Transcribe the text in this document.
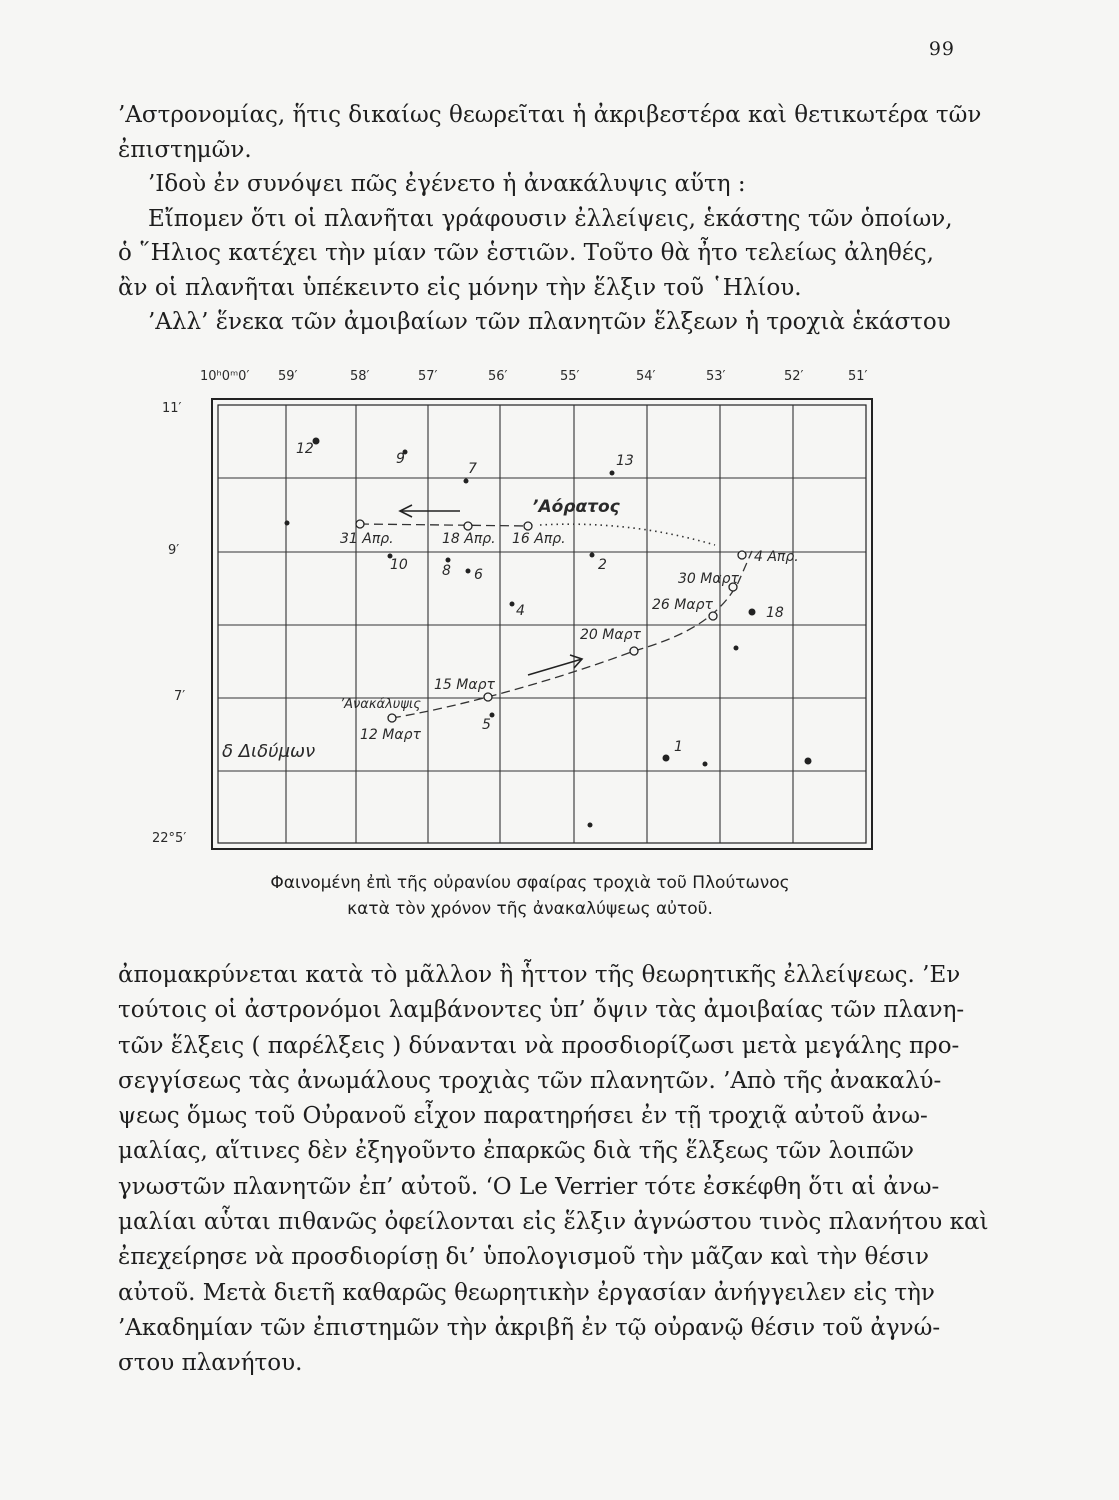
99
’Αστρονομίας, ἥτις δικαίως θεωρεῖται ἡ ἀκριβεστέρα καὶ θετικωτέρα τῶν
ἐπιστημῶν.
’Ιδοὺ ἐν συνόψει πῶς ἐγένετο ἡ ἀνακάλυψις αὕτη :
Εἴπομεν ὅτι οἱ πλανῆται γράφουσιν ἐλλείψεις, ἑκάστης τῶν ὁποίων,
ὁ ῞Ηλιος κατέχει τὴν μίαν τῶν ἑστιῶν. Τοῦτο θὰ ἦτο τελείως ἀληθές,
ἂν οἱ πλανῆται ὑπέκειντο εἰς μόνην τὴν ἕλξιν τοῦ ῾Ηλίου.
’Αλλ’ ἕνεκα τῶν ἀμοιβαίων τῶν πλανητῶν ἕλξεων ἡ τροχιὰ ἑκάστου
10ʰ0ᵐ0′ 59′	58′	57′	56′	55′	54′	53′	52′	51′
11′
9′
7′
22°5′
’Αόρατος
δ Διδύμων
’Ανακάλυψις
12 Μαρτ
15 Μαρτ
20 Μαρτ
26 Μαρτ
30 Μαρτ
4 Απρ.
31 Απρ.	18 Απρ. 16 Απρ.
12
9
7	13
10 8 6
2
4	18
5
1
Φαινομένη ἐπὶ τῆς οὐρανίου σφαίρας τροχιὰ τοῦ Πλούτωνος
κατὰ τὸν χρόνον τῆς ἀνακαλύψεως αὐτοῦ.
ἀπομακρύνεται κατὰ τὸ μᾶλλον ἢ ἧττον τῆς θεωρητικῆς ἐλλείψεως. ’Εν
τούτοις οἱ ἀστρονόμοι λαμβάνοντες ὑπ’ ὄψιν τὰς ἀμοιβαίας τῶν πλανη-
τῶν ἕλξεις ( παρέλξεις ) δύνανται νὰ προσδιορίζωσι μετὰ μεγάλης προ-
σεγγίσεως τὰς ἀνωμάλους τροχιὰς τῶν πλανητῶν. ’Απὸ τῆς ἀνακαλύ-
ψεως ὅμως τοῦ Οὐρανοῦ εἶχον παρατηρήσει ἐν τῇ τροχιᾷ αὐτοῦ ἀνω-
μαλίας, αἵτινες δὲν ἐξηγοῦντο ἐπαρκῶς διὰ τῆς ἕλξεως τῶν λοιπῶν
γνωστῶν πλανητῶν ἐπ’ αὐτοῦ. ‘Ο Le Verrier τότε ἐσκέφθη ὅτι αἱ ἀνω-
μαλίαι αὗται πιθανῶς ὀφείλονται εἰς ἕλξιν ἀγνώστου τινὸς πλανήτου καὶ
ἐπεχείρησε νὰ προσδιορίσῃ δι’ ὑπολογισμοῦ τὴν μᾶζαν καὶ τὴν θέσιν
αὐτοῦ. Μετὰ διετῆ καθαρῶς θεωρητικὴν ἐργασίαν ἀνήγγειλεν εἰς τὴν
’Ακαδημίαν τῶν ἐπιστημῶν τὴν ἀκριβῆ ἐν τῷ οὐρανῷ θέσιν τοῦ ἀγνώ-
στου πλανήτου.
